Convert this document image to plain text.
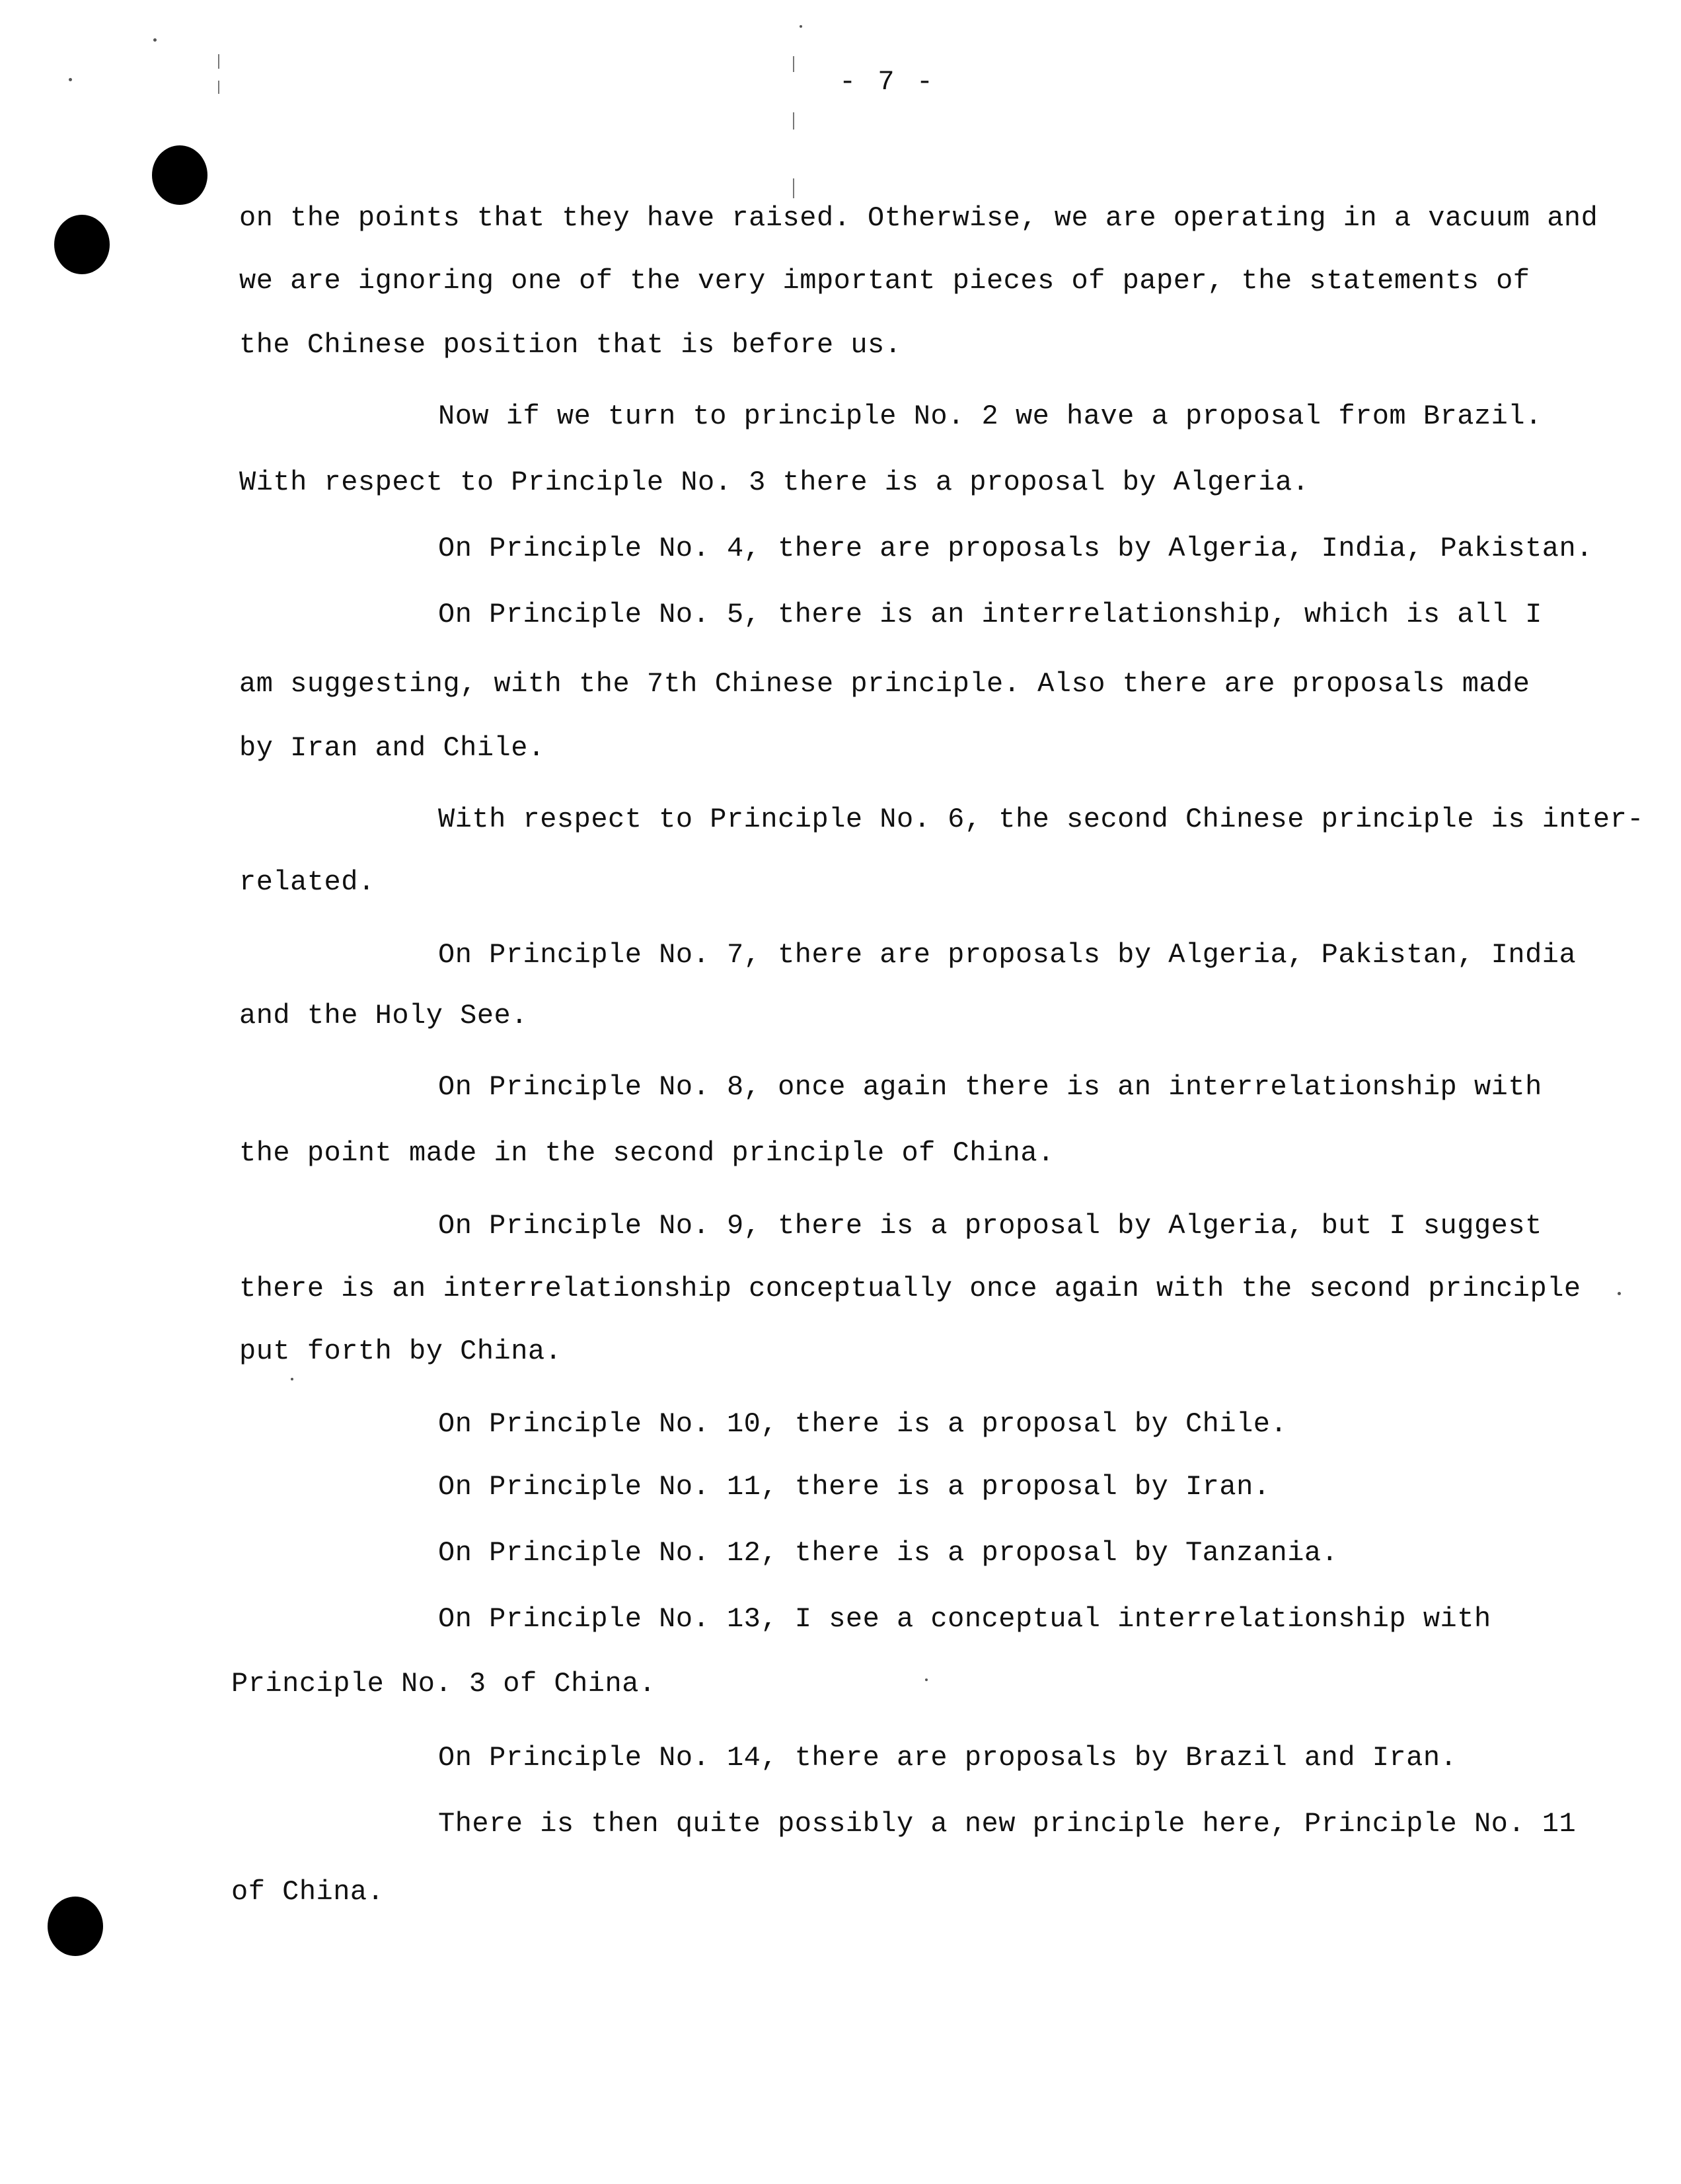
- 7 -
on the points that they have raised. Otherwise, we are operating in a vacuum and
we are ignoring one of the very important pieces of paper, the statements of
the Chinese position that is before us.
Now if we turn to principle No. 2 we have a proposal from Brazil.
With respect to Principle No. 3 there is a proposal by Algeria.
On Principle No. 4, there are proposals by Algeria, India, Pakistan.
On Principle No. 5, there is an interrelationship, which is all I
am suggesting, with the 7th Chinese principle. Also there are proposals made
by Iran and Chile.
With respect to Principle No. 6, the second Chinese principle is inter-
related.
On Principle No. 7, there are proposals by Algeria, Pakistan, India
and the Holy See.
On Principle No. 8, once again there is an interrelationship with
the point made in the second principle of China.
On Principle No. 9, there is a proposal by Algeria, but I suggest
there is an interrelationship conceptually once again with the second principle
put forth by China.
On Principle No. 10, there is a proposal by Chile.
On Principle No. 11, there is a proposal by Iran.
On Principle No. 12, there is a proposal by Tanzania.
On Principle No. 13, I see a conceptual interrelationship with
Principle No. 3 of China.
On Principle No. 14, there are proposals by Brazil and Iran.
There is then quite possibly a new principle here, Principle No. 11
of China.
